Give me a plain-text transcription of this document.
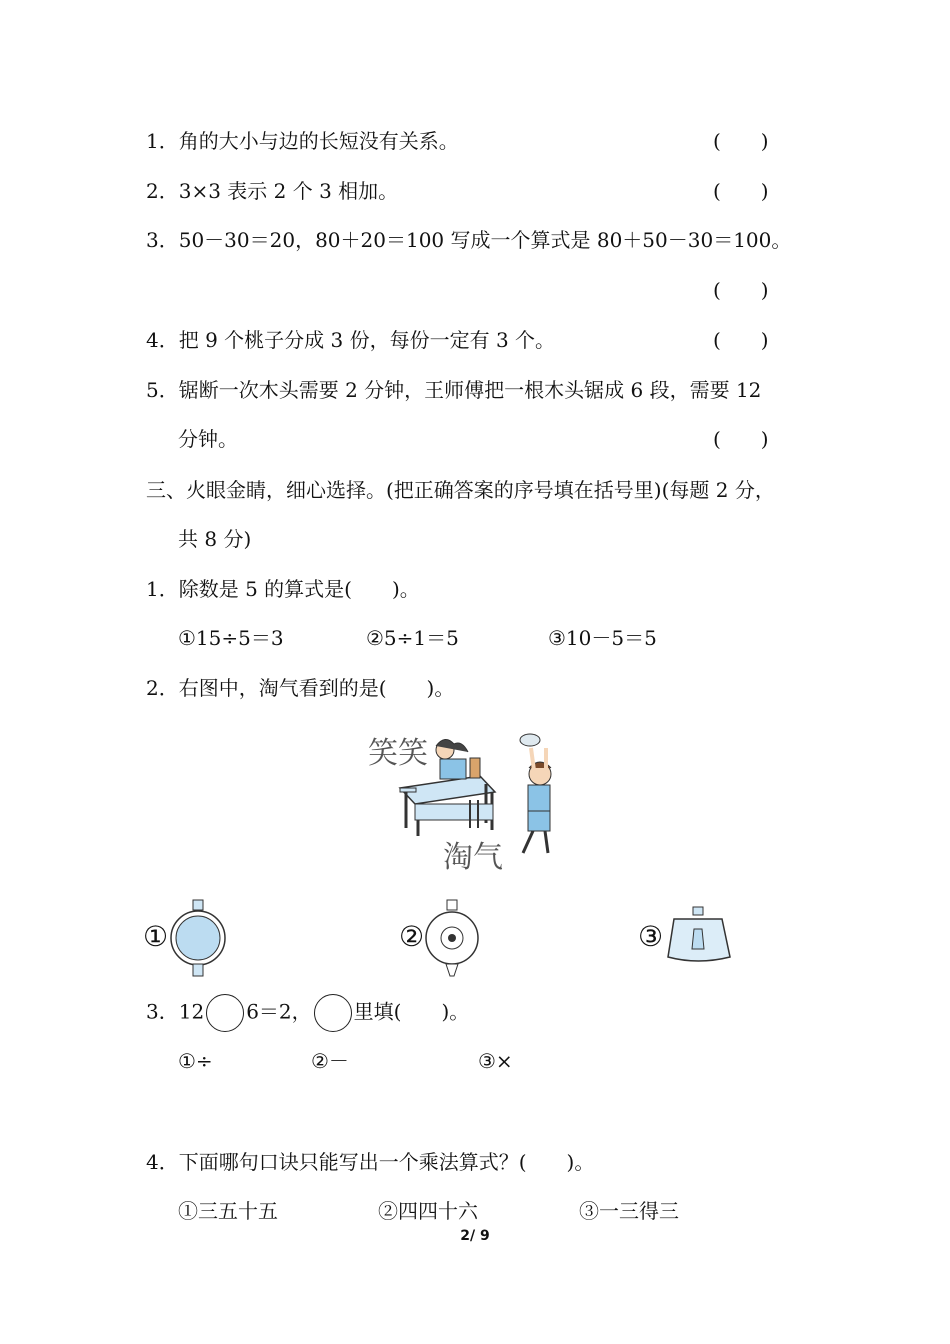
1．角的大小与边的长短没有关系。	(　　)
2．3×3 表示 2 个 3 相加。	(　　)
3．50－30＝20，80＋20＝100 写成一个算式是 80＋50－30＝100。
(　　)
4．把 9 个桃子分成 3 份，每份一定有 3 个。	(　　)
5．锯断一次木头需要 2 分钟，王师傅把一根木头锯成 6 段，需要 12
分钟。	(　　)
三、火眼金睛，细心选择。(把正确答案的序号填在括号里)(每题 2 分，
共 8 分)
1．除数是 5 的算式是(　　)。
①15÷5＝3	②5÷1＝5	③10－5＝5
2．右图中，淘气看到的是(　　)。
笑笑
淘气
①	②	③
3．12 6＝2， 里填(　　)。
①÷	②－	③×
4．下面哪句口诀只能写出一个乘法算式？(　　)。
①三五十五	②四四十六	③一三得三
2/ 9
